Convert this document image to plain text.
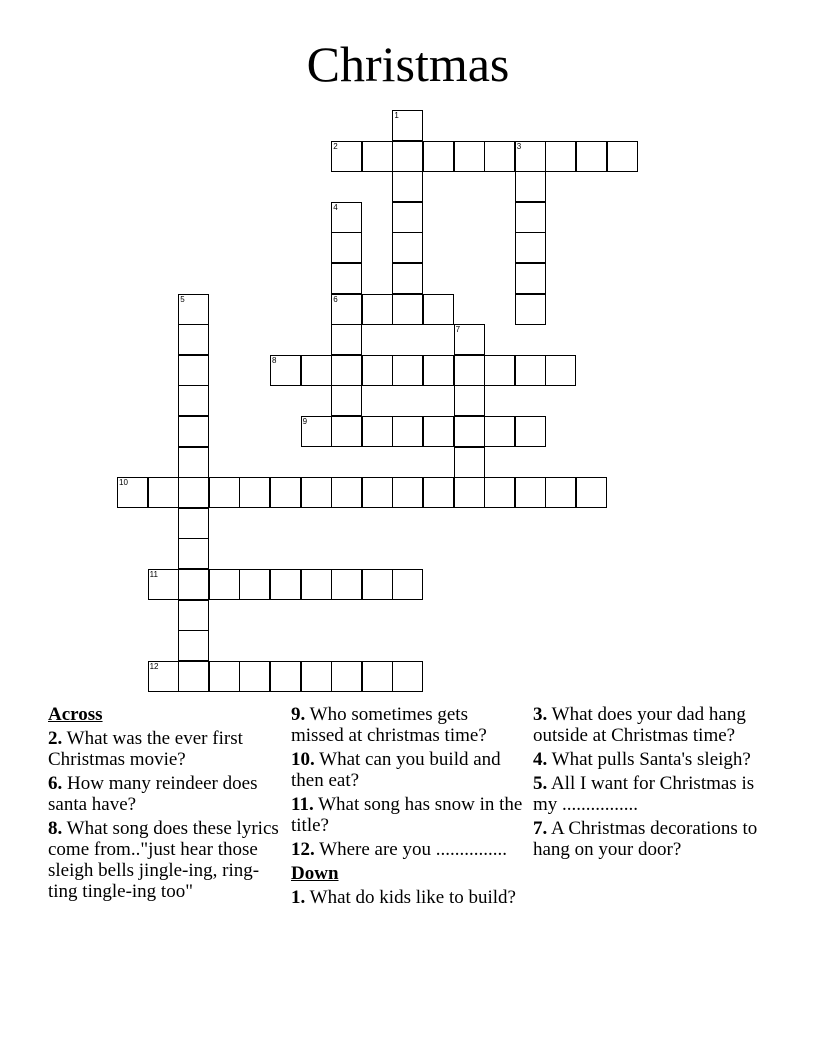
Christmas
2	3
6
8
9
10
11
12
1
4
5
7
Across
2. What was the ever first Christmas movie?
6. How many reindeer does santa have?
8. What song does these lyrics come from.."just hear those sleigh bells jingle-ing, ring-ting tingle-ing too"
9. Who sometimes gets missed at christmas time?
10. What can you build and then eat?
11. What song has snow in the title?
12. Where are you ...............
Down
1. What do kids like to build?
3. What does your dad hang outside at Christmas time?
4. What pulls Santa's sleigh?
5. All I want for Christmas is my ................
7. A Christmas decorations to hang on your door?
